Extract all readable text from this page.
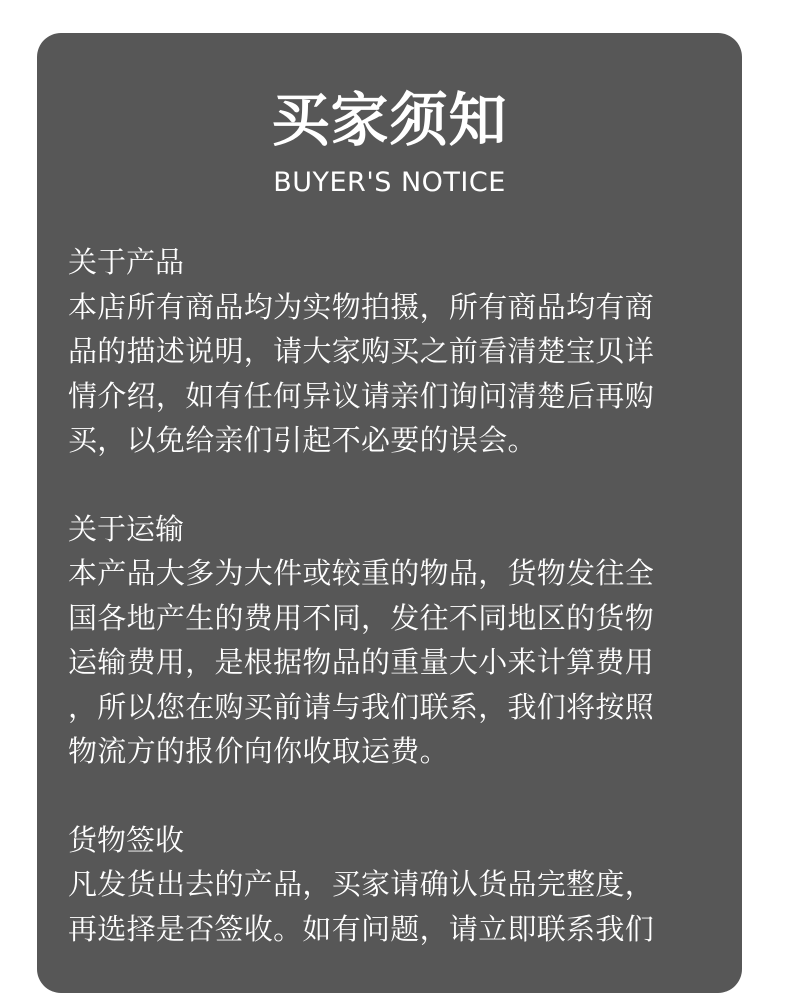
买家须知
BUYER'S NOTICE
关于产品
本店所有商品均为实物拍摄，所有商品均有商
品的描述说明，请大家购买之前看清楚宝贝详
情介绍，如有任何异议请亲们询问清楚后再购
买，以免给亲们引起不必要的误会。
关于运输
本产品大多为大件或较重的物品，货物发往全
国各地产生的费用不同，发往不同地区的货物
运输费用，是根据物品的重量大小来计算费用
，所以您在购买前请与我们联系，我们将按照
物流方的报价向你收取运费。
货物签收
凡发货出去的产品，买家请确认货品完整度，
再选择是否签收。如有问题，请立即联系我们
